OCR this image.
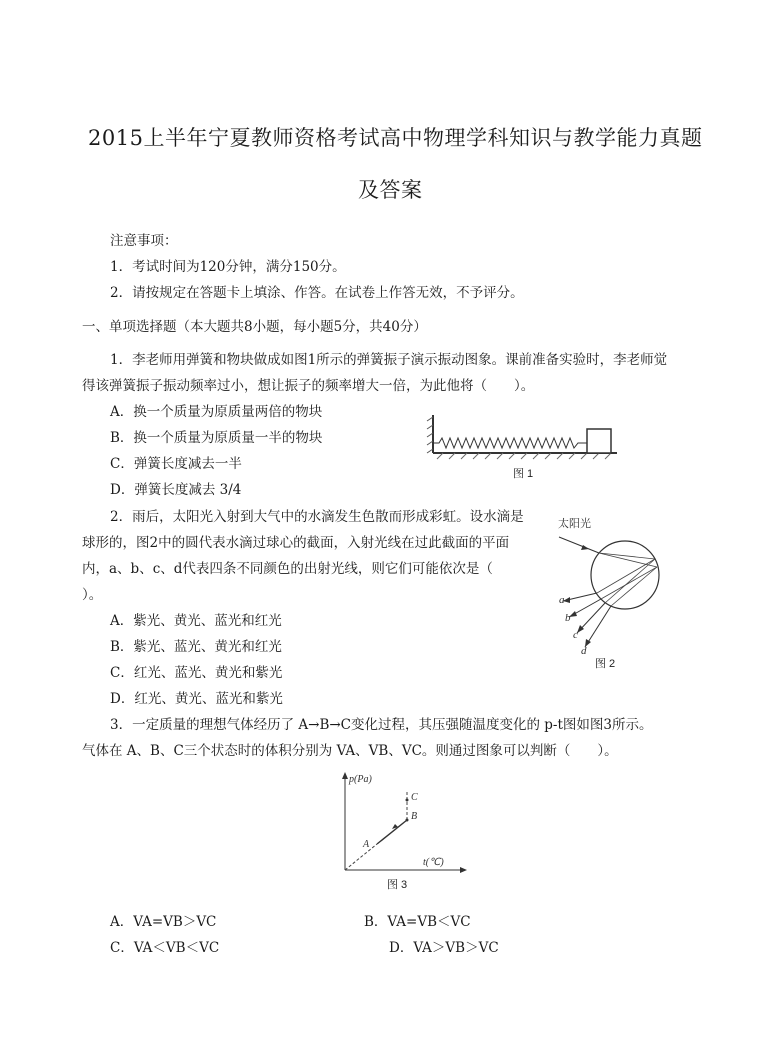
2015上半年宁夏教师资格考试高中物理学科知识与教学能力真题
及答案
注意事项：
1．考试时间为120分钟，满分150分。
2．请按规定在答题卡上填涂、作答。在试卷上作答无效，不予评分。
一、单项选择题（本大题共8小题，每小题5分，共40分）
1．李老师用弹簧和物块做成如图1所示的弹簧振子演示振动图象。课前准备实验时，李老师觉
得该弹簧振子振动频率过小，想让振子的频率增大一倍，为此他将（　　）。
A．换一个质量为原质量两倍的物块
B．换一个质量为原质量一半的物块
C．弹簧长度减去一半
D．弹簧长度减去 3/4
图 1
2．雨后，太阳光入射到大气中的水滴发生色散而形成彩虹。设水滴是
球形的，图2中的圆代表水滴过球心的截面，入射光线在过此截面的平面
内，a、b、c、d代表四条不同颜色的出射光线，则它们可能依次是（
）。
A．紫光、黄光、蓝光和红光
B．紫光、蓝光、黄光和红光
C．红光、蓝光、黄光和紫光
D．红光、黄光、蓝光和紫光
太阳光
a
b
c
d
图 2
3．一定质量的理想气体经历了 A→B→C变化过程，其压强随温度变化的 p-t图如图3所示。
气体在 A、B、C三个状态时的体积分别为 VA、VB、VC。则通过图象可以判断（　　）。
p(Pa)
t(℃)
A
B
C
图 3
A．VA=VB＞VC	B．VA=VB＜VC
C．VA＜VB＜VC	D．VA＞VB＞VC
